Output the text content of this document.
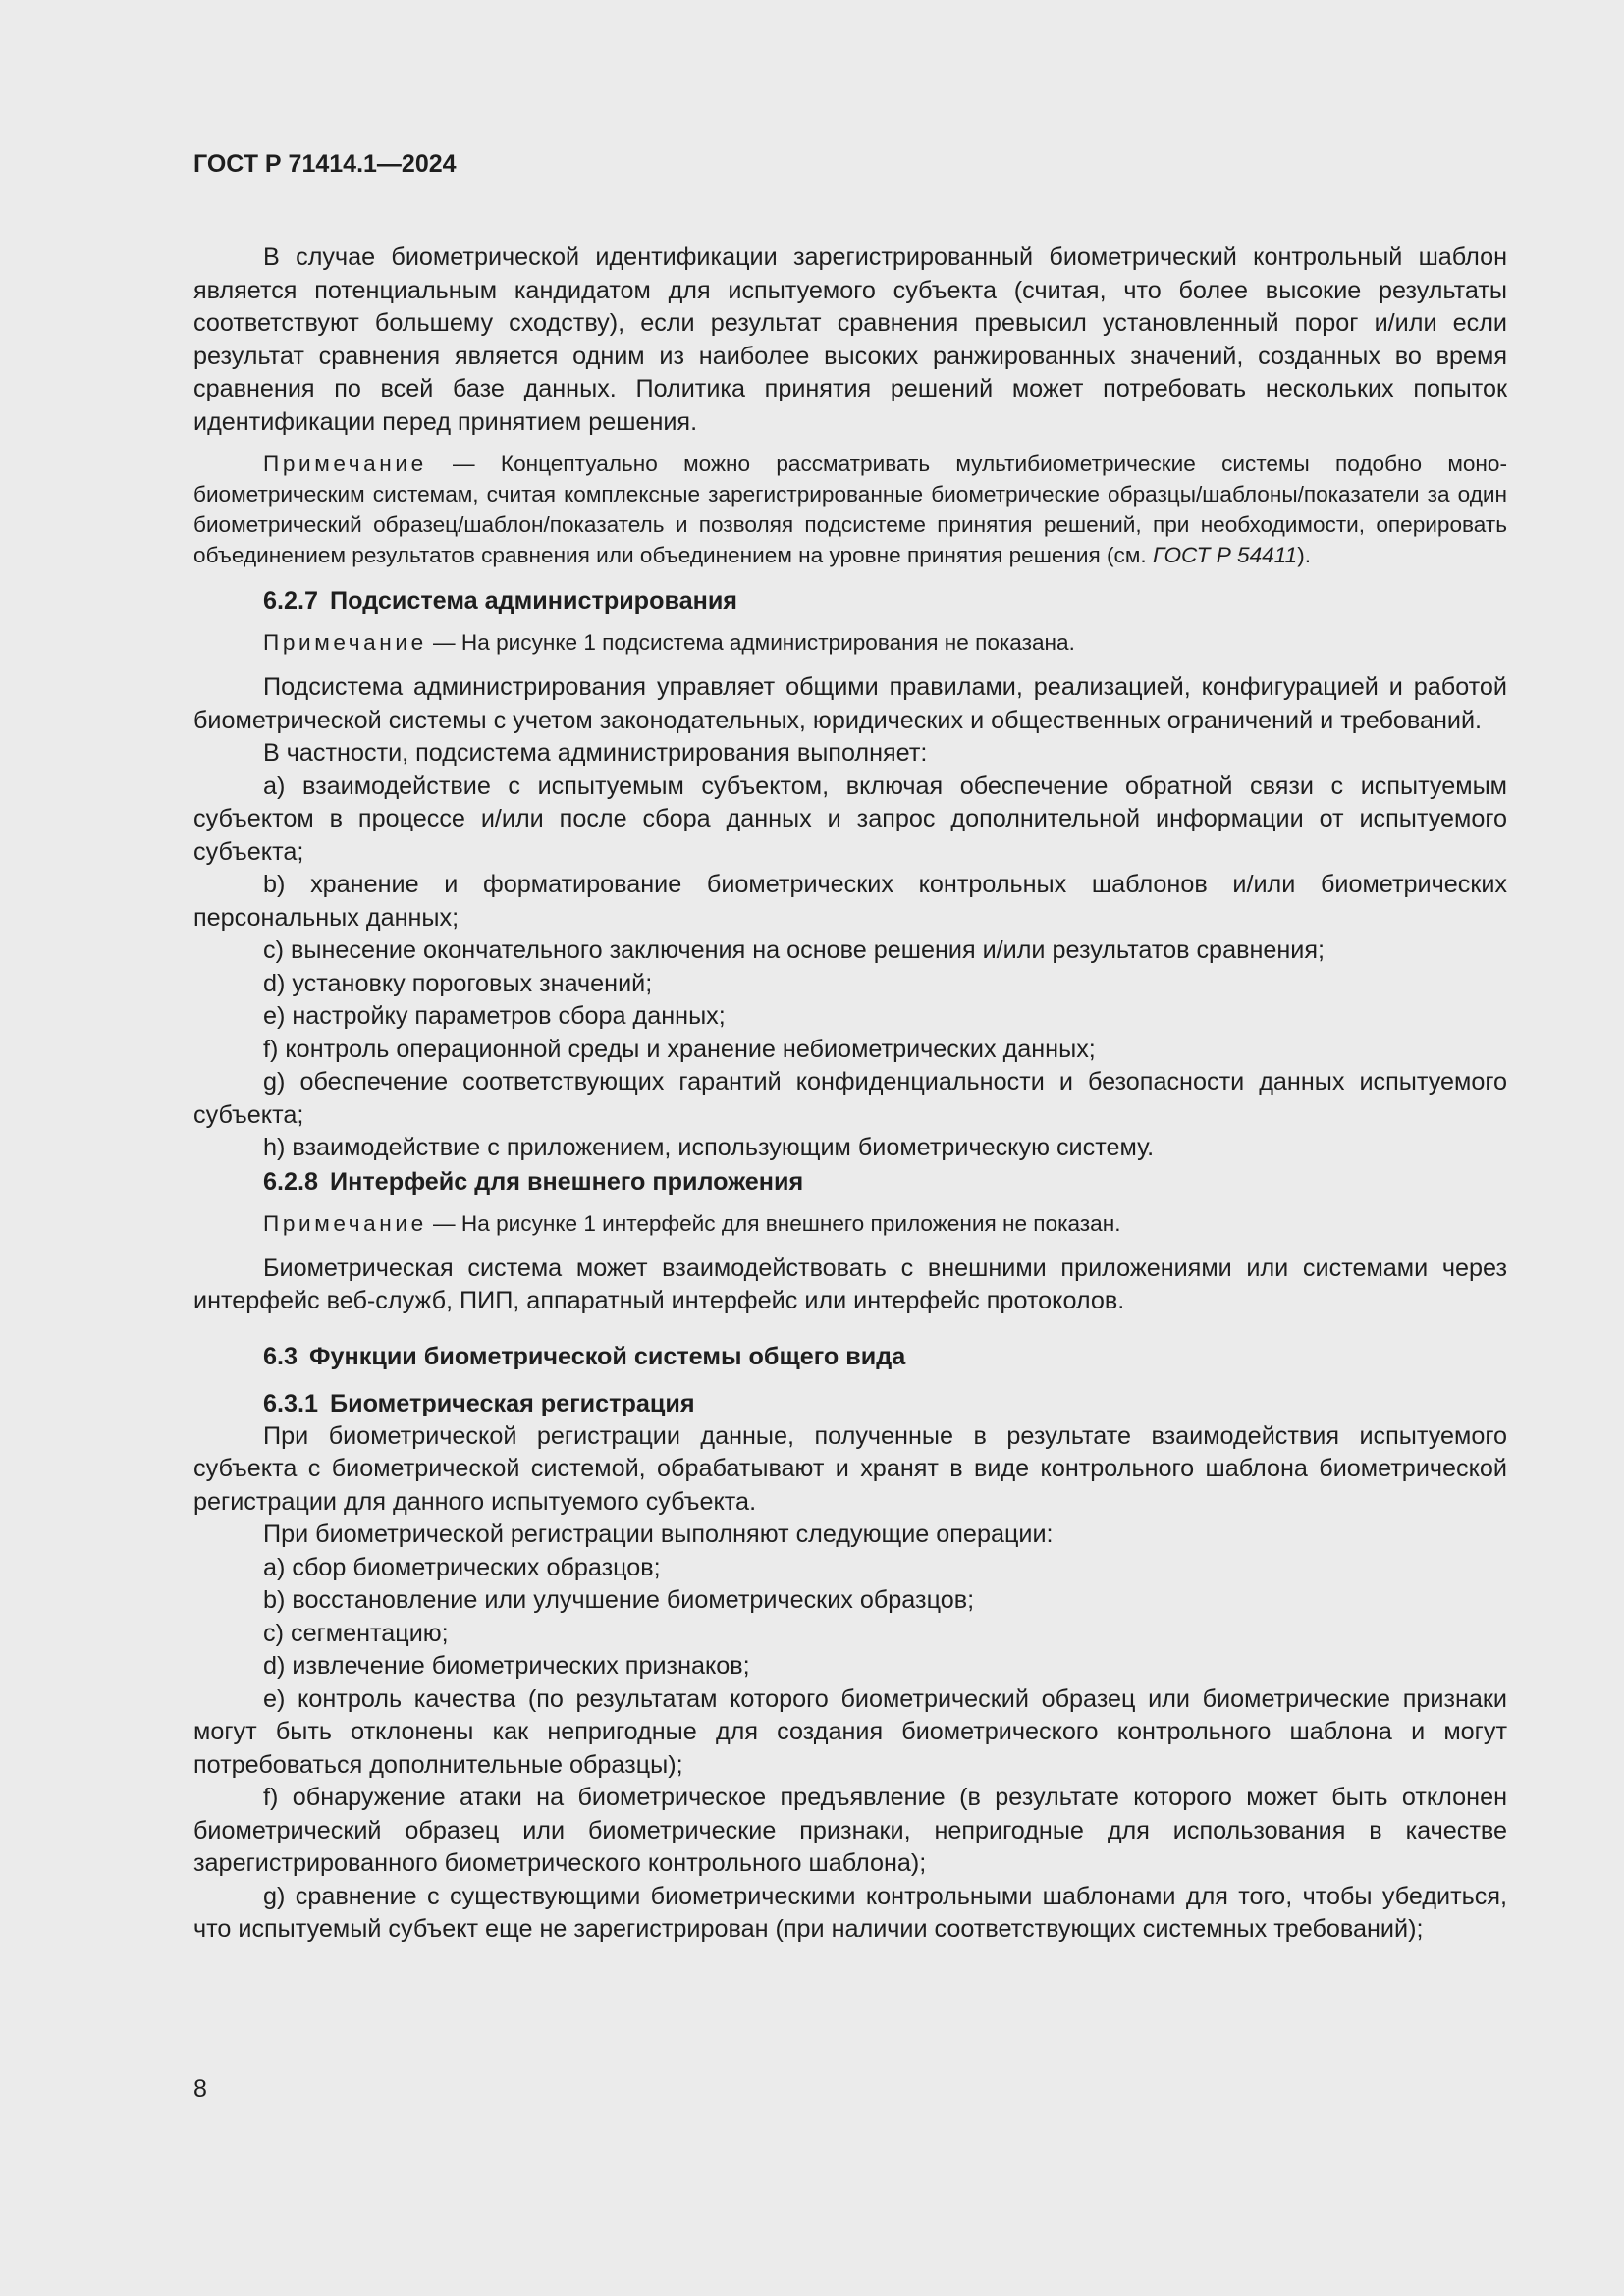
ГОСТ Р 71414.1—2024

В случае биометрической идентификации зарегистрированный биометрический контрольный шаблон является потенциальным кандидатом для испытуемого субъекта (считая, что более высокие результаты соответствуют большему сходству), если результат сравнения превысил установленный порог и/или если результат сравнения является одним из наиболее высоких ранжированных значений, созданных во время сравнения по всей базе данных. Политика принятия решений может потребовать нескольких попыток идентификации перед принятием решения.

Примечание — Концептуально можно рассматривать мультибиометрические системы подобно монобиометрическим системам, считая комплексные зарегистрированные биометрические образцы/шаблоны/показатели за один биометрический образец/шаблон/показатель и позволяя подсистеме принятия решений, при необходимости, оперировать объединением результатов сравнения или объединением на уровне принятия решения (см. ГОСТ Р 54411).

6.2.7 Подсистема администрирования

Примечание — На рисунке 1 подсистема администрирования не показана.

Подсистема администрирования управляет общими правилами, реализацией, конфигурацией и работой биометрической системы с учетом законодательных, юридических и общественных ограничений и требований.

В частности, подсистема администрирования выполняет:

a) взаимодействие с испытуемым субъектом, включая обеспечение обратной связи с испытуемым субъектом в процессе и/или после сбора данных и запрос дополнительной информации от испытуемого субъекта;

b) хранение и форматирование биометрических контрольных шаблонов и/или биометрических персональных данных;

c) вынесение окончательного заключения на основе решения и/или результатов сравнения;

d) установку пороговых значений;

e) настройку параметров сбора данных;

f) контроль операционной среды и хранение небиометрических данных;

g) обеспечение соответствующих гарантий конфиденциальности и безопасности данных испытуемого субъекта;

h) взаимодействие с приложением, использующим биометрическую систему.

6.2.8 Интерфейс для внешнего приложения

Примечание — На рисунке 1 интерфейс для внешнего приложения не показан.

Биометрическая система может взаимодействовать с внешними приложениями или системами через интерфейс веб-служб, ПИП, аппаратный интерфейс или интерфейс протоколов.

6.3 Функции биометрической системы общего вида

6.3.1 Биометрическая регистрация

При биометрической регистрации данные, полученные в результате взаимодействия испытуемого субъекта с биометрической системой, обрабатывают и хранят в виде контрольного шаблона биометрической регистрации для данного испытуемого субъекта.

При биометрической регистрации выполняют следующие операции:

a) сбор биометрических образцов;

b) восстановление или улучшение биометрических образцов;

c) сегментацию;

d) извлечение биометрических признаков;

e) контроль качества (по результатам которого биометрический образец или биометрические признаки могут быть отклонены как непригодные для создания биометрического контрольного шаблона и могут потребоваться дополнительные образцы);

f) обнаружение атаки на биометрическое предъявление (в результате которого может быть отклонен биометрический образец или биометрические признаки, непригодные для использования в качестве зарегистрированного биометрического контрольного шаблона);

g) сравнение с существующими биометрическими контрольными шаблонами для того, чтобы убедиться, что испытуемый субъект еще не зарегистрирован (при наличии соответствующих системных требований);

8
